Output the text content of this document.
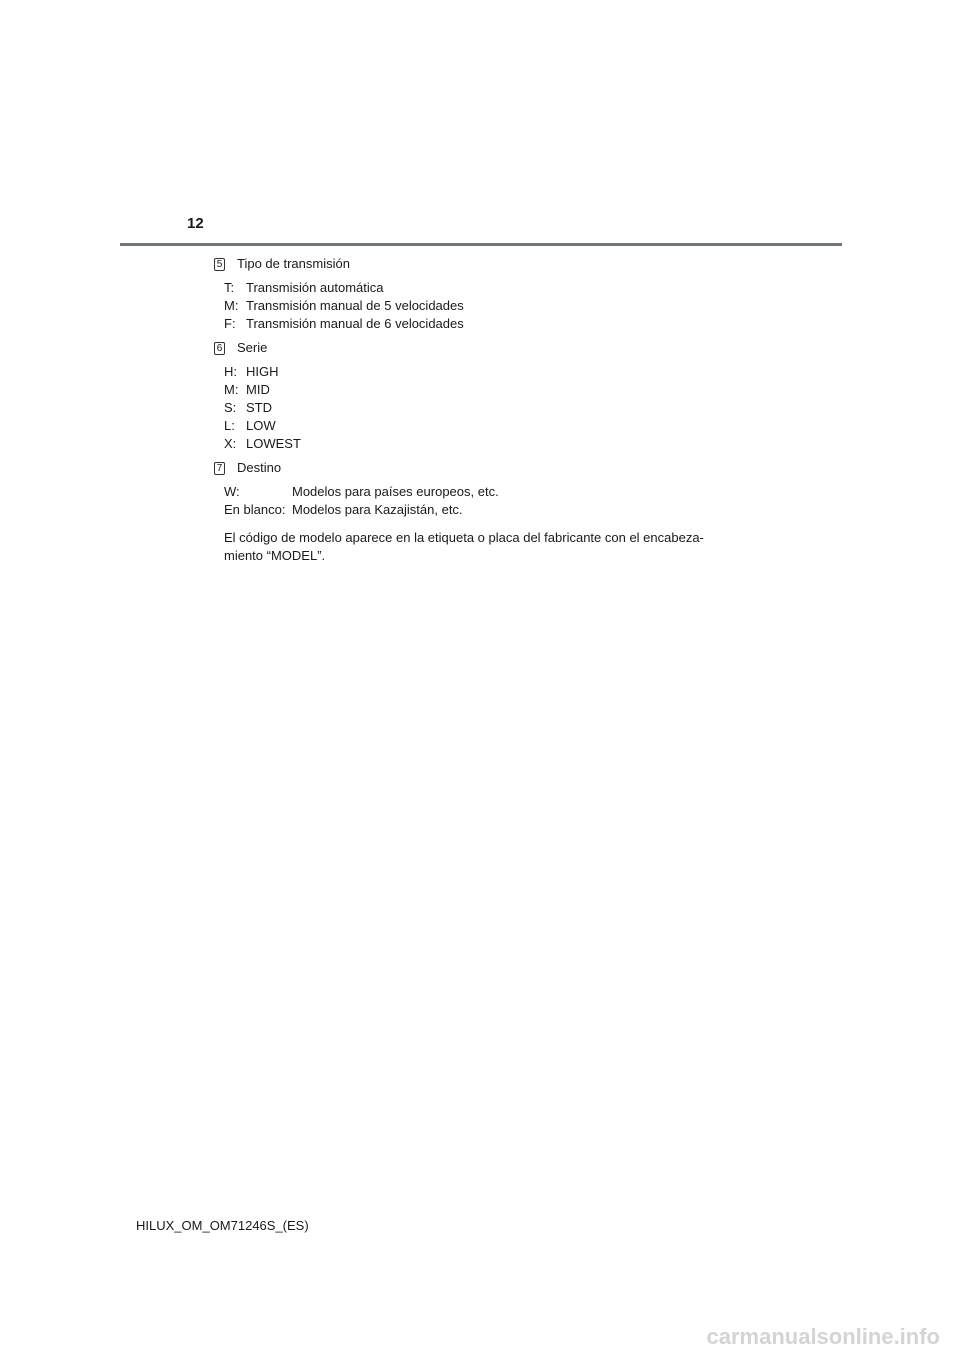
12
5 Tipo de transmisión
T: Transmisión automática
M: Transmisión manual de 5 velocidades
F: Transmisión manual de 6 velocidades
6 Serie
H: HIGH
M: MID
S: STD
L: LOW
X: LOWEST
7 Destino
W:	Modelos para países europeos, etc.
En blanco: Modelos para Kazajistán, etc.
El código de modelo aparece en la etiqueta o placa del fabricante con el encabeza-
miento “MODEL”.
HILUX_OM_OM71246S_(ES)
carmanualsonline.info
